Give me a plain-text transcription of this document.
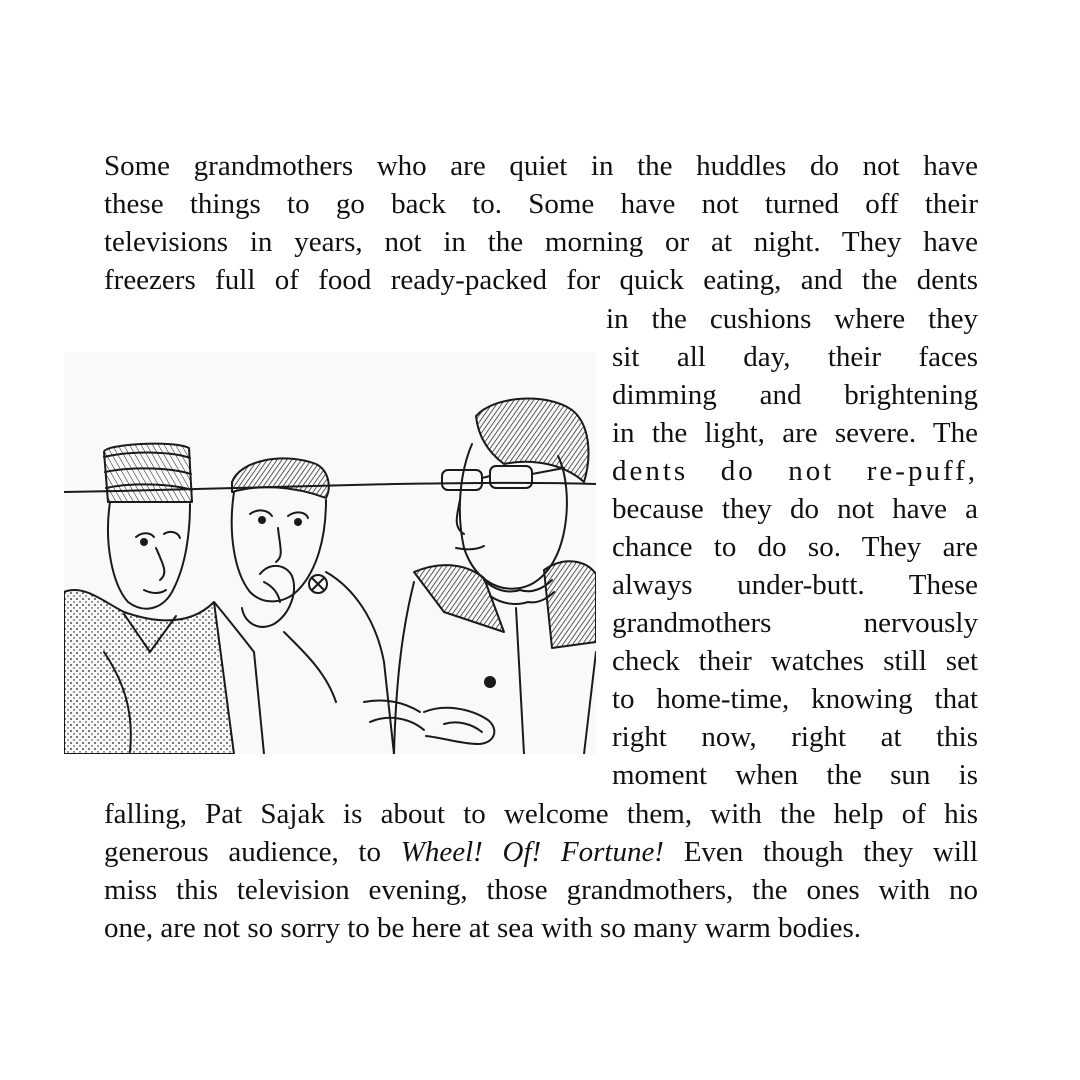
Some grandmothers who are quiet in the huddles do not have
these things to go back to. Some have not turned off their
televisions in years, not in the morning or at night. They have
freezers full of food ready-packed for quick eating, and the dents
in the cushions where they
sit all day, their faces
dimming and brightening
in the light, are severe. The
dents do not re-puff,
because they do not have a
chance to do so. They are
always under-butt. These
grandmothers nervously
check their watches still set
to home-time, knowing that
right now, right at this
moment when the sun is
falling, Pat Sajak is about to welcome them, with the help of his
generous audience, to Wheel! Of! Fortune! Even though they will
miss this television evening, those grandmothers, the ones with no
one, are not so sorry to be here at sea with so many warm bodies.
